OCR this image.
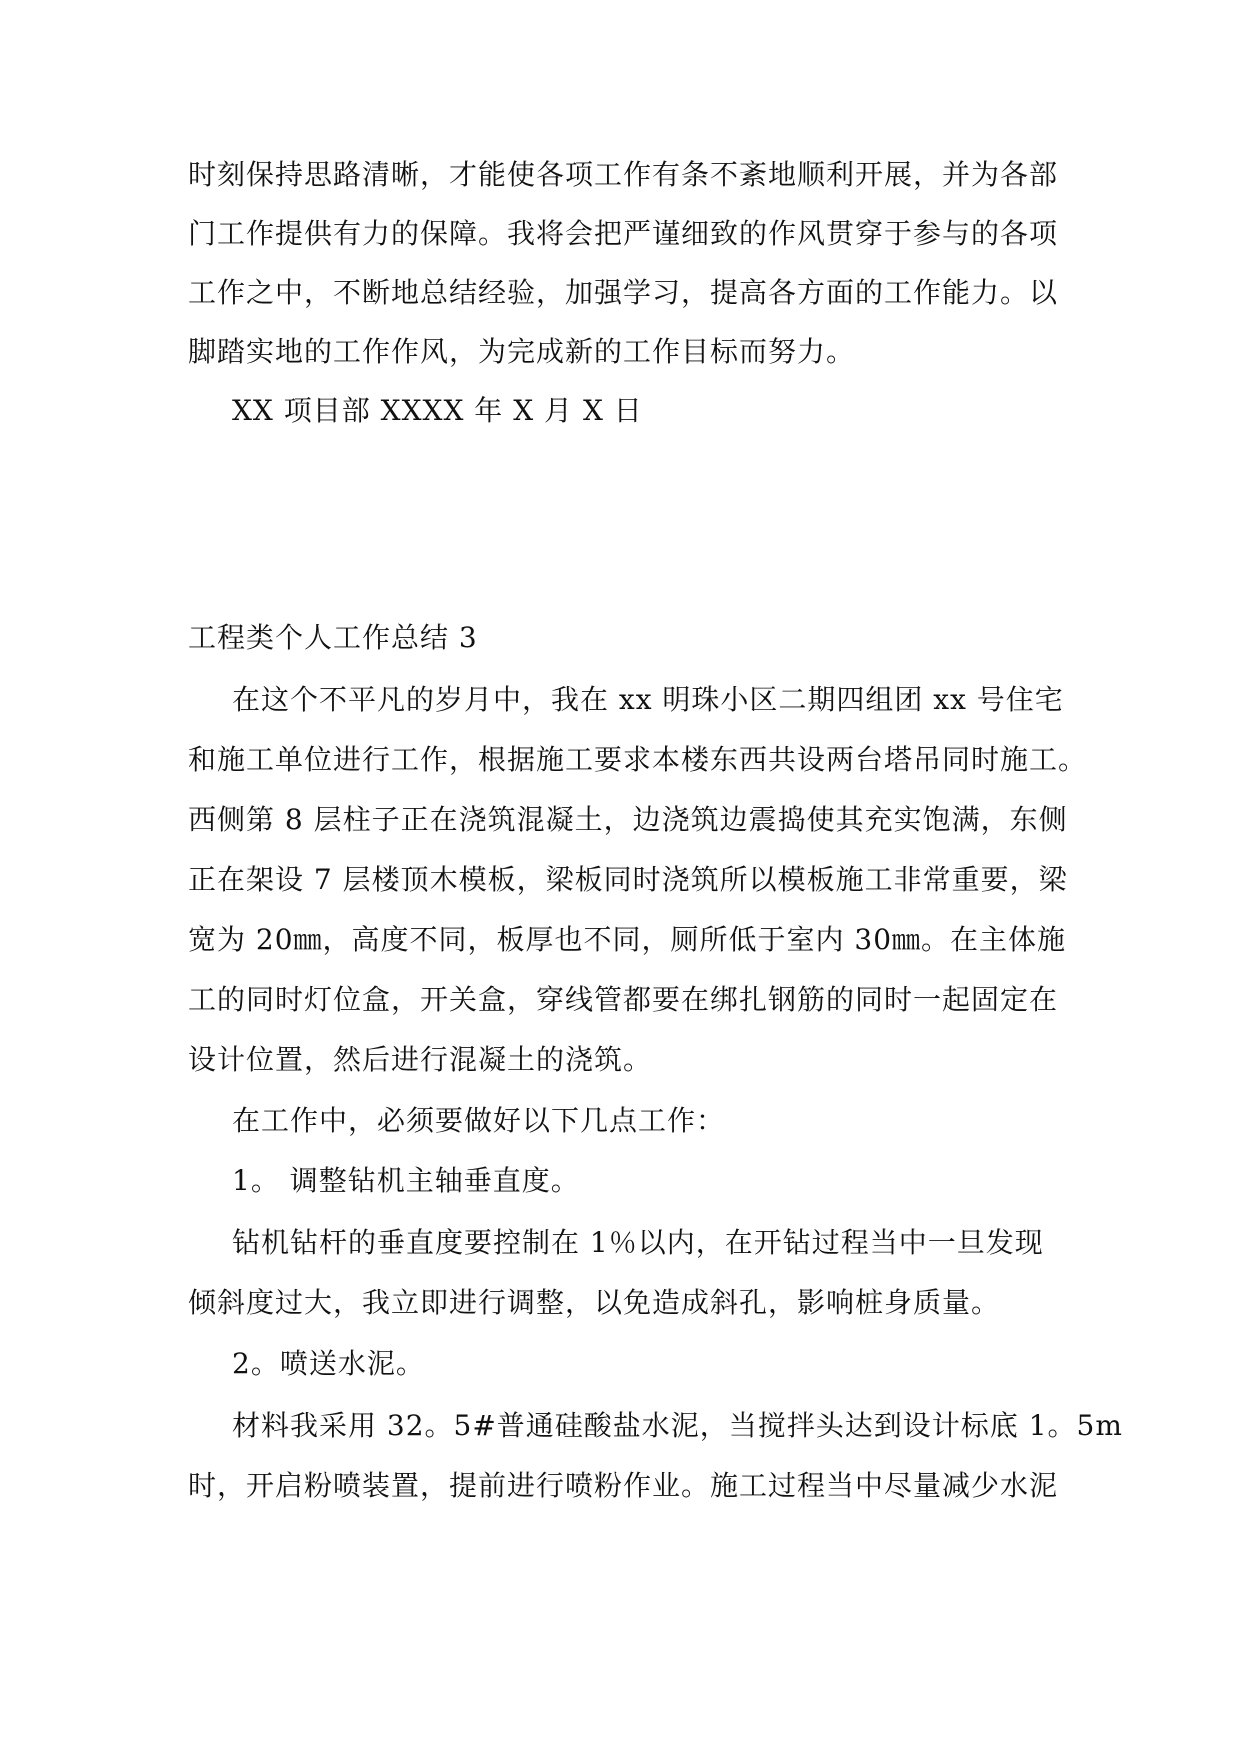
时刻保持思路清晰，才能使各项工作有条不紊地顺利开展，并为各部
门工作提供有力的保障。我将会把严谨细致的作风贯穿于参与的各项
工作之中，不断地总结经验，加强学习，提高各方面的工作能力。以
脚踏实地的工作作风，为完成新的工作目标而努力。
XX 项目部 XXXX 年 X 月 X 日
工程类个人工作总结 3
在这个不平凡的岁月中，我在 xx 明珠小区二期四组团 xx 号住宅
和施工单位进行工作，根据施工要求本楼东西共设两台塔吊同时施工。
西侧第 8 层柱子正在浇筑混凝土，边浇筑边震捣使其充实饱满，东侧
正在架设 7 层楼顶木模板，梁板同时浇筑所以模板施工非常重要，梁
宽为 20㎜，高度不同，板厚也不同，厕所低于室内 30㎜。在主体施
工的同时灯位盒，开关盒，穿线管都要在绑扎钢筋的同时一起固定在
设计位置，然后进行混凝土的浇筑。
在工作中，必须要做好以下几点工作：
1。 调整钻机主轴垂直度。
钻机钻杆的垂直度要控制在 1％以内，在开钻过程当中一旦发现
倾斜度过大，我立即进行调整，以免造成斜孔，影响桩身质量。
2。喷送水泥。
材料我采用 32。5#普通硅酸盐水泥，当搅拌头达到设计标底 1。5m
时，开启粉喷装置，提前进行喷粉作业。施工过程当中尽量减少水泥
